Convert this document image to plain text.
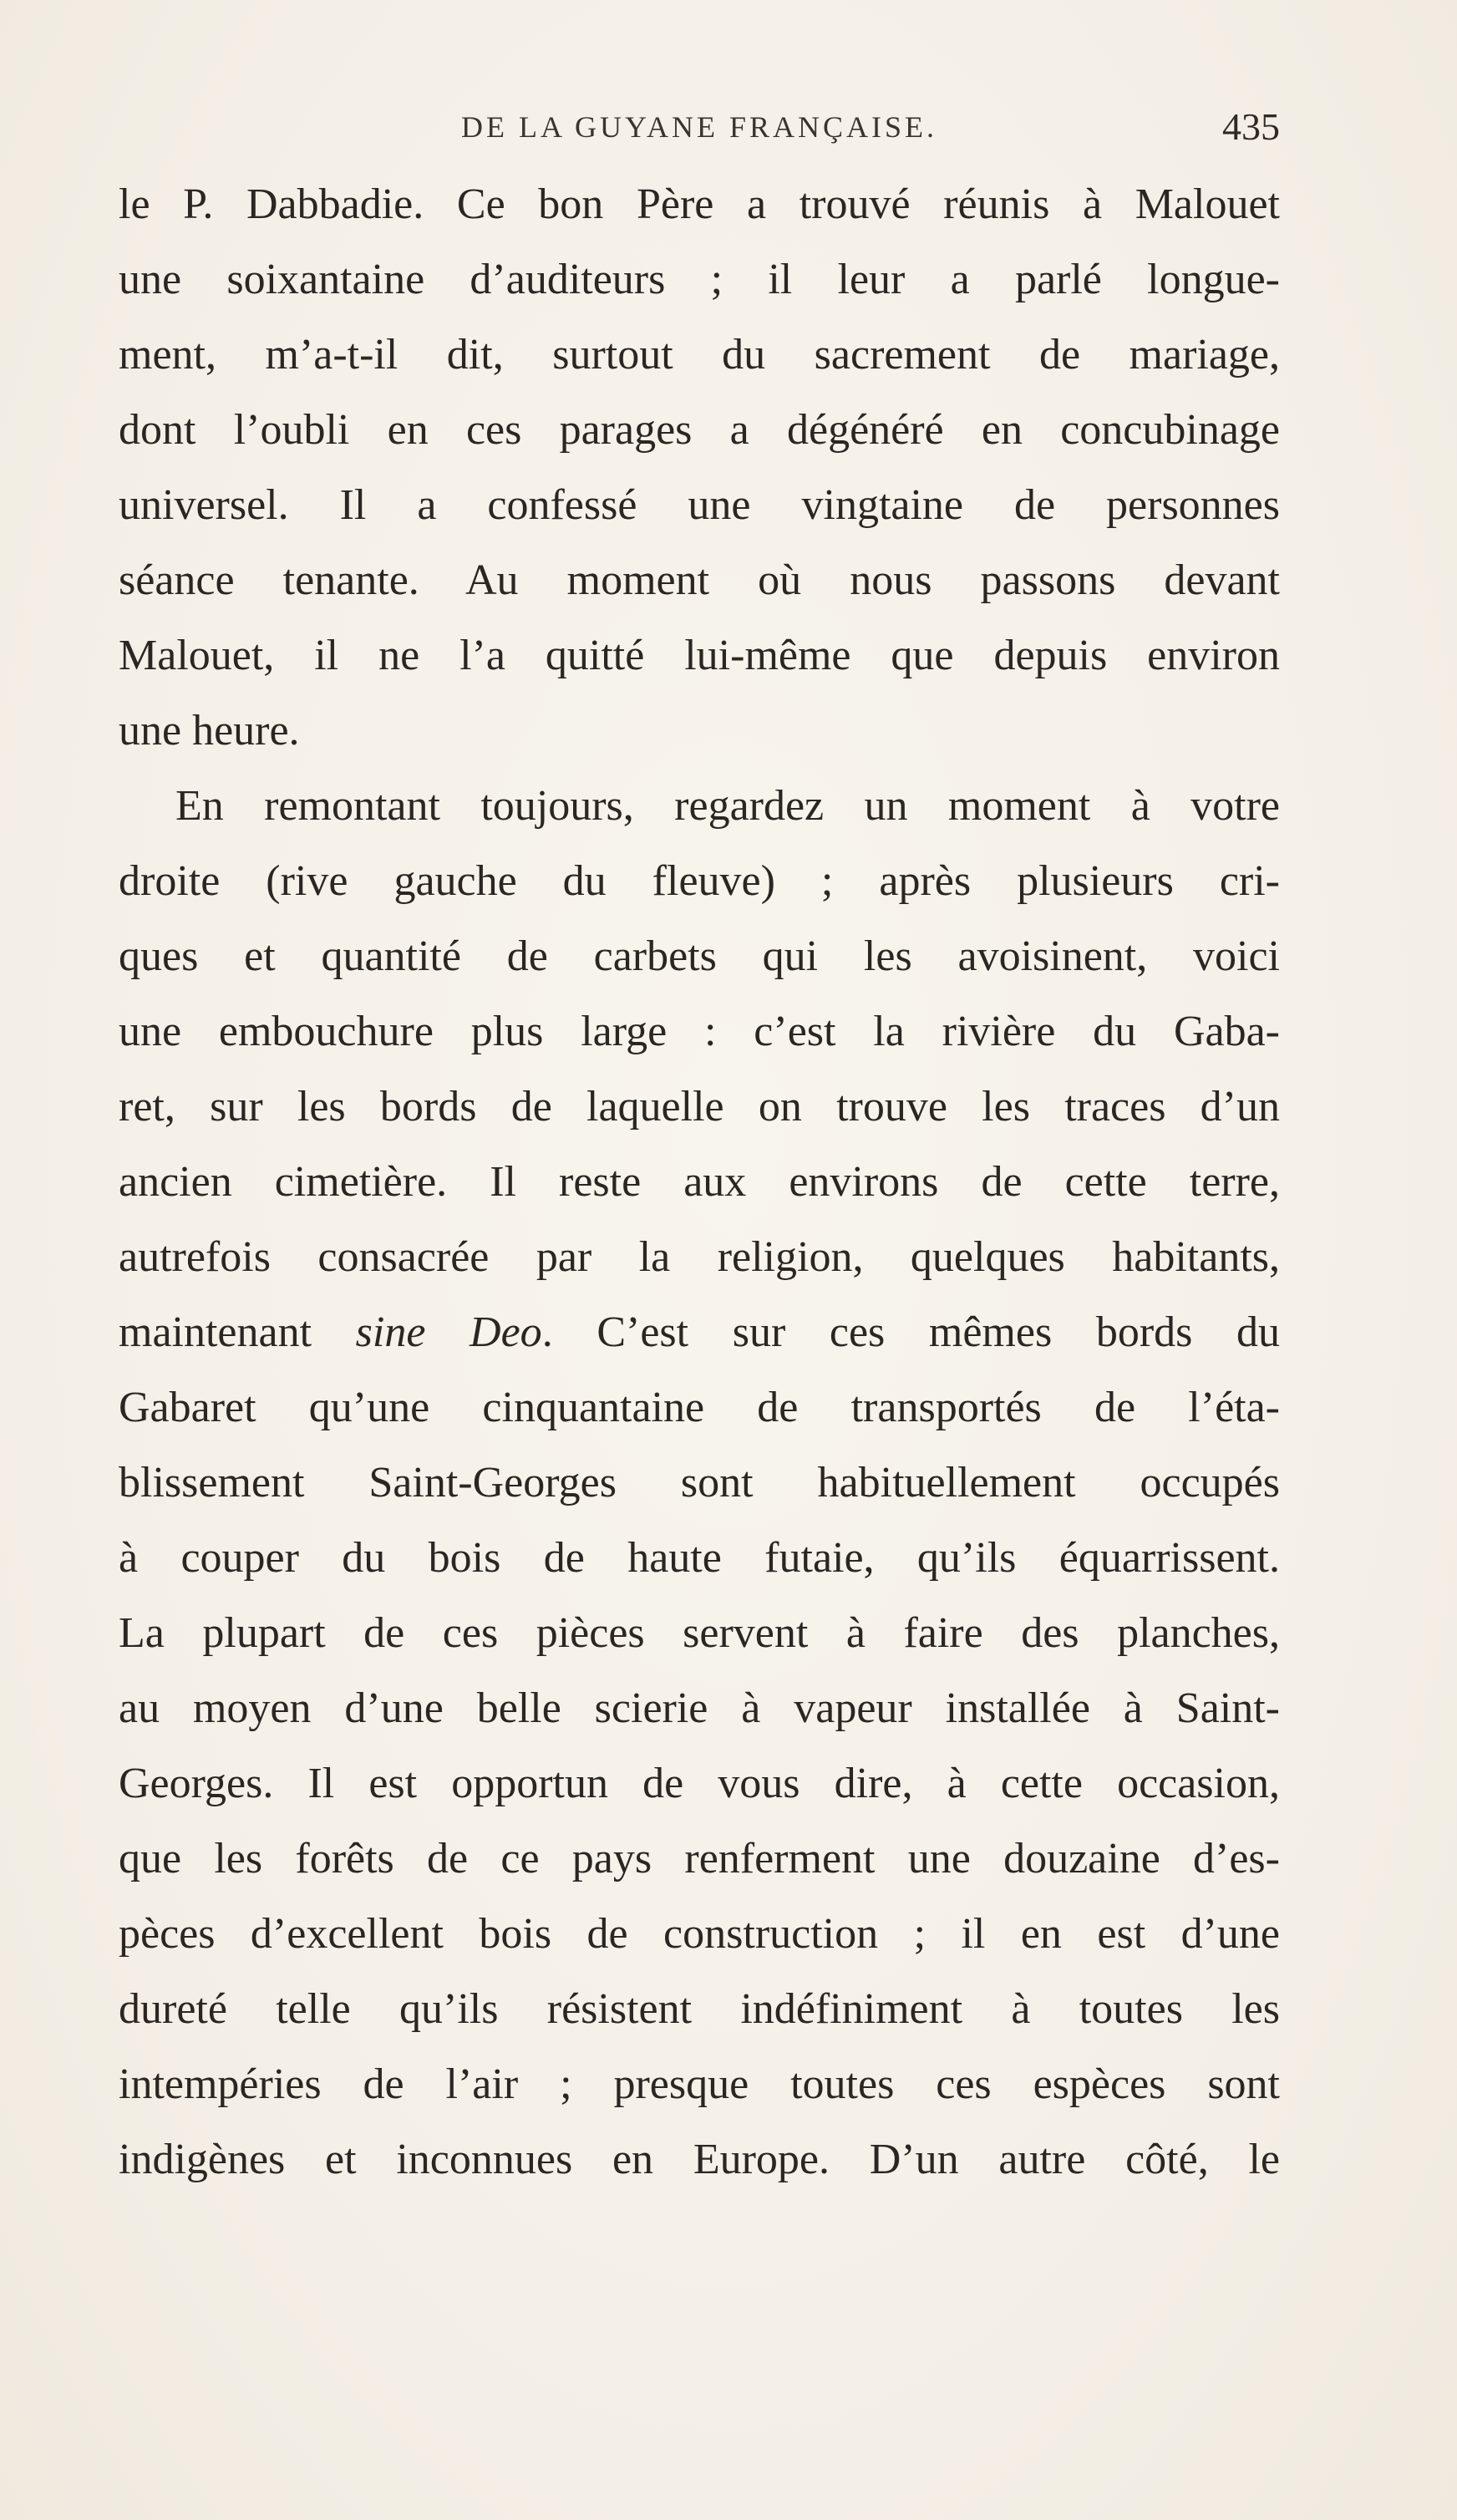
DE LA GUYANE FRANÇAISE.	435
le P. Dabbadie. Ce bon Père a trouvé réunis à Malouet
une soixantaine d’auditeurs ; il leur a parlé longue-
ment, m’a-t-il dit, surtout du sacrement de mariage,
dont l’oubli en ces parages a dégénéré en concubinage
universel. Il a confessé une vingtaine de personnes
séance tenante. Au moment où nous passons devant
Malouet, il ne l’a quitté lui-même que depuis environ
une heure.
En remontant toujours, regardez un moment à votre
droite (rive gauche du fleuve) ; après plusieurs cri-
ques et quantité de carbets qui les avoisinent, voici
une embouchure plus large : c’est la rivière du Gaba-
ret, sur les bords de laquelle on trouve les traces d’un
ancien cimetière. Il reste aux environs de cette terre,
autrefois consacrée par la religion, quelques habitants,
maintenant sine Deo. C’est sur ces mêmes bords du
Gabaret qu’une cinquantaine de transportés de l’éta-
blissement Saint-Georges sont habituellement occupés
à couper du bois de haute futaie, qu’ils équarrissent.
La plupart de ces pièces servent à faire des planches,
au moyen d’une belle scierie à vapeur installée à Saint-
Georges. Il est opportun de vous dire, à cette occasion,
que les forêts de ce pays renferment une douzaine d’es-
pèces d’excellent bois de construction ; il en est d’une
dureté telle qu’ils résistent indéfiniment à toutes les
intempéries de l’air ; presque toutes ces espèces sont
indigènes et inconnues en Europe. D’un autre côté, le
